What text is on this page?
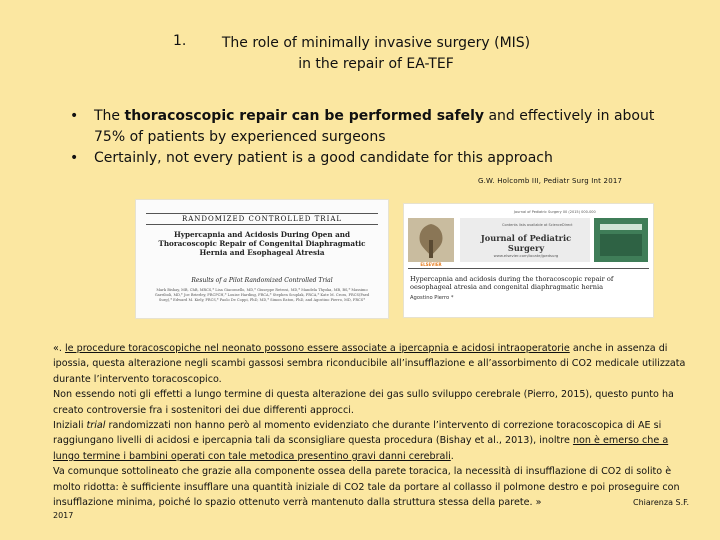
1.	The role of minimally invasive surgery (MIS)
in the repair of EA-TEF
• The thoracoscopic repair can be performed safely and effectively in about 75% of patients by experienced surgeons
• Certainly, not every patient is a good candidate for this approach
G.W. Holcomb III, Pediatr Surg Int 2017
RANDOMIZED CONTROLLED TRIAL
Hypercapnia and Acidosis During Open and Thoracoscopic Repair of Congenital Diaphragmatic Hernia and Esophageal Atresia
Results of a Pilot Randomized Controlled Trial
Mark Bishay, MB, ChB, MRCS,* Lisa Giacomello, MD,* Giuseppe Retrosi, MD,* Mandela Thyoka, MB, BS,* Massimo Garriboli, MD,* Joe Brierley, FRCPCH,* Louise Harding, FRCA,* Stephen Scuplak, FRCA,* Kate M. Cross, FRCS(Paed Surg),* Edward M. Kiely, FRCS,* Paolo De Coppi, PhD, MD,* Simon Eaton, PhD, and Agostino Pierro, MD, FRCS*
Journal of Pediatric Surgery 00 (2015) 000-000
ELSEVIER
Contents lists available at ScienceDirect
Journal of Pediatric Surgery
www.elsevier.com/locate/jpedsurg
Hypercapnia and acidosis during the thoracoscopic repair of oesophageal atresia and congenital diaphragmatic hernia
Agostino Pierro *

«. le procedure toracoscopiche nel neonato possono essere associate a ipercapnia e acidosi intraoperatorie anche in assenza di ipossia, questa alterazione negli scambi gassosi sembra riconducibile all’insufflazione e all’assorbimento di CO2 medicale utilizzata durante l’intervento toracoscopico.

Non essendo noti gli effetti a lungo termine di questa alterazione dei gas sullo sviluppo cerebrale (Pierro, 2015), questo punto ha creato controversie fra i sostenitori dei due differenti approcci.

Iniziali trial randomizzati non hanno però al momento evidenziato che durante l’intervento di correzione toracoscopica di AE si raggiungano livelli di acidosi e ipercapnia tali da sconsigliare questa procedura (Bishay et al., 2013), inoltre non è emerso che a lungo termine i bambini operati con tale metodica presentino gravi danni cerebrali.

Va comunque sottolineato che grazie alla componente ossea della parete toracica, la necessità di insufflazione di CO2 di solito è molto ridotta: è sufficiente insufflare una quantità iniziale di CO2 tale da portare al collasso il polmone destro e poi proseguire con insufflazione minima, poiché lo spazio ottenuto verrà mantenuto dalla struttura stessa della parete. »	Chiarenza S.F.

2017
